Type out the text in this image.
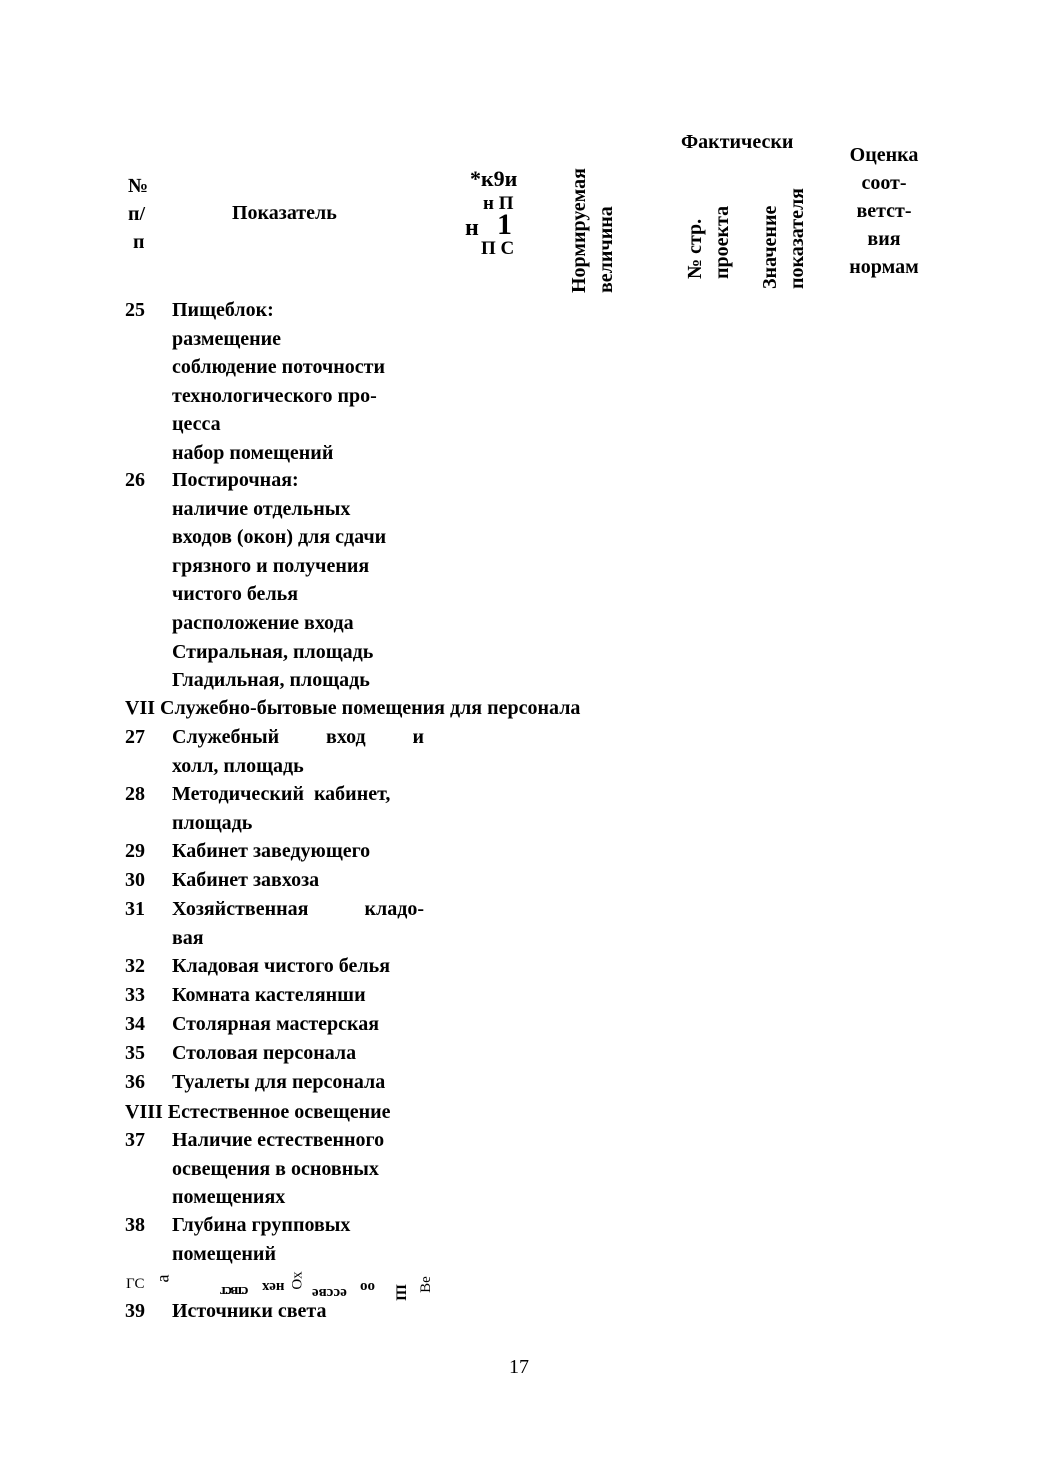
№
п/
п
Показатель
*к9и
н П
н 1
П С	Нормируемая величина
Фактически
№ стр. проекта Значение показателя
Оценка
соот-
ветст-
вия
нормам
25 Пищеблок:
размещение
соблюдение поточности
технологического про-
цесса
набор помещений
26 Постирочная:
наличие отдельных
входов (окон) для сдачи
грязного и получения
чистого белья
расположение входа
Стиральная, площадь
Гладильная, площадь
VII Служебно-бытовые помещения для персонала
27 Служебный вход и
холл, площадь
28 Методический  кабинет,
площадь
29 Кабинет заведующего
30 Кабинет завхоза
31 Хозяйственная	кладо-
вая
32 Кладовая чистого белья
33 Комната кастелянши
34 Столярная мастерская
35 Столовая персонала
36 Туалеты для персонала
VIII Естественное освещение
37 Наличие естественного
освещения в основных
помещениях
38 Глубина групповых
помещений
ГС а
ствст нех Ох
ессве оо Ш Ве
39 Источники света
17
